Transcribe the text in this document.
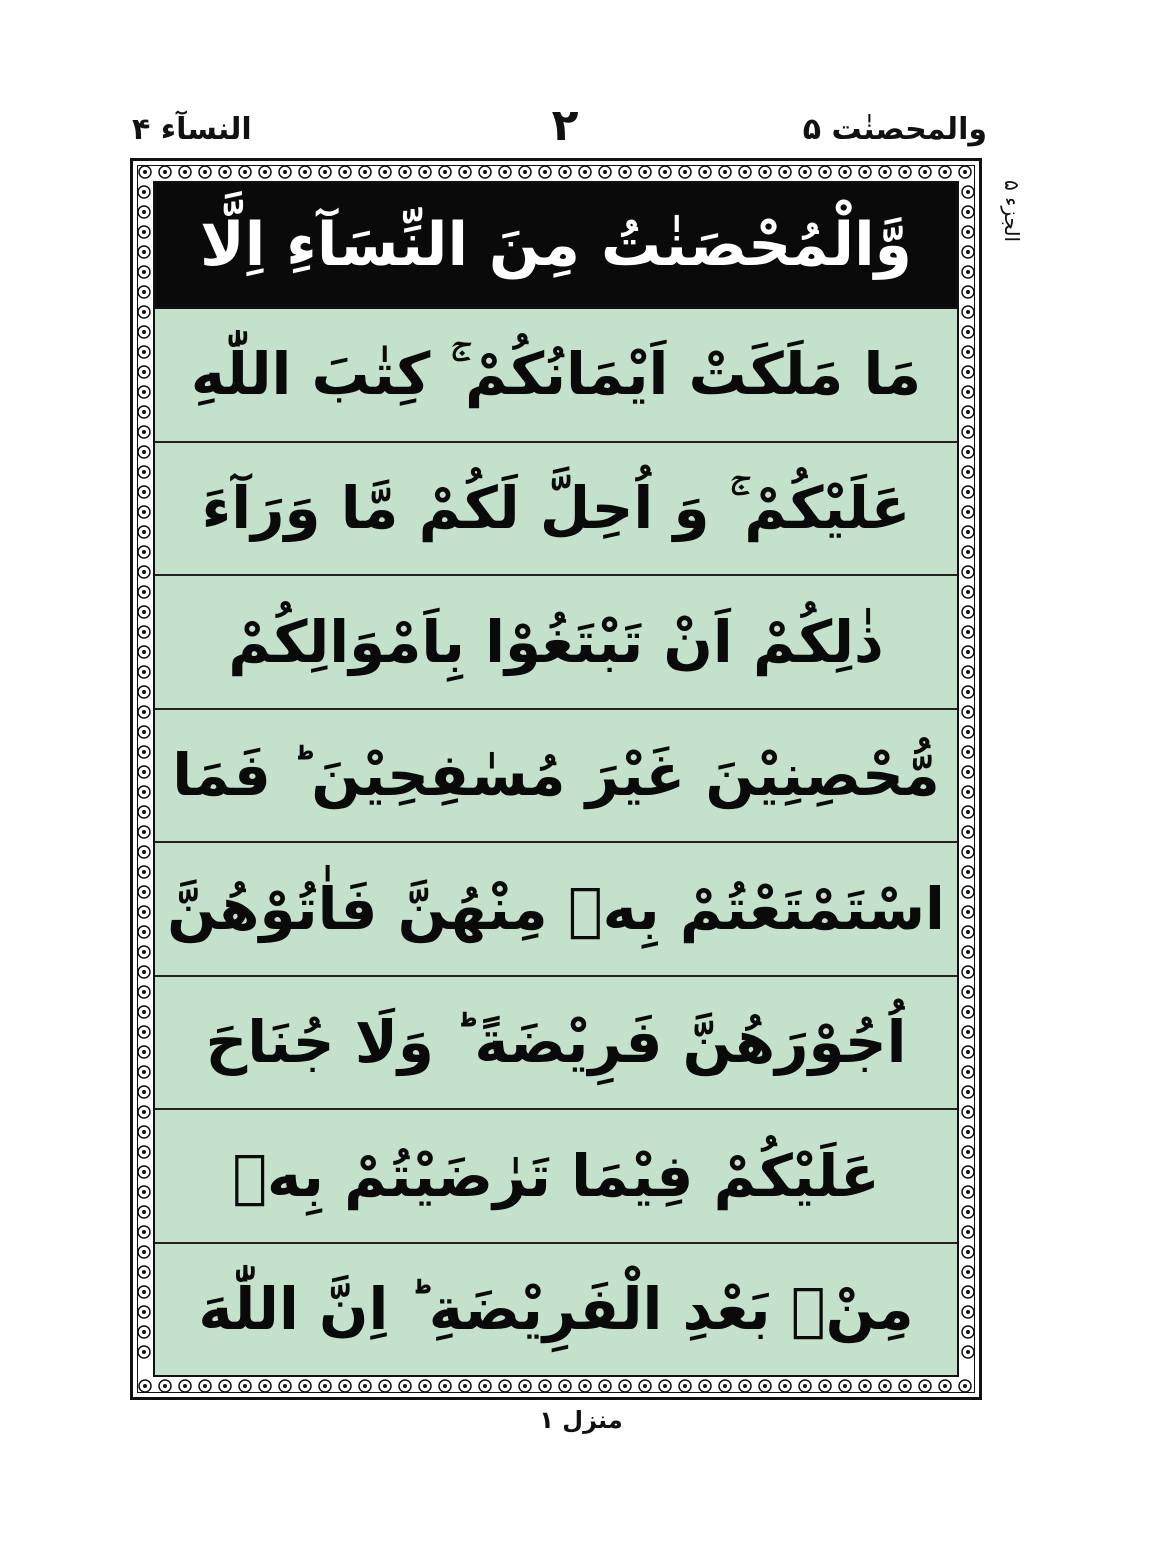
النسآء ۴	۲	والمحصنٰت ۵
وَّالْمُحْصَنٰتُ مِنَ النِّسَآءِ اِلَّا
مَا مَلَكَتْ اَيْمَانُكُمْ ۚ كِتٰبَ اللّٰهِ
عَلَيْكُمْ ۚ وَ اُحِلَّ لَكُمْ مَّا وَرَآءَ
ذٰلِكُمْ اَنْ تَبْتَغُوْا بِاَمْوَالِكُمْ
مُّحْصِنِيْنَ غَيْرَ مُسٰفِحِيْنَ ؕ فَمَا
اسْتَمْتَعْتُمْ بِهٖ مِنْهُنَّ فَاٰتُوْهُنَّ
اُجُوْرَهُنَّ فَرِيْضَةً ؕ وَلَا جُنَاحَ
عَلَيْكُمْ فِيْمَا تَرٰضَيْتُمْ بِهٖ
مِنْۢ بَعْدِ الْفَرِيْضَةِ ؕ اِنَّ اللّٰهَ
الجزء ۵
منزل ۱
